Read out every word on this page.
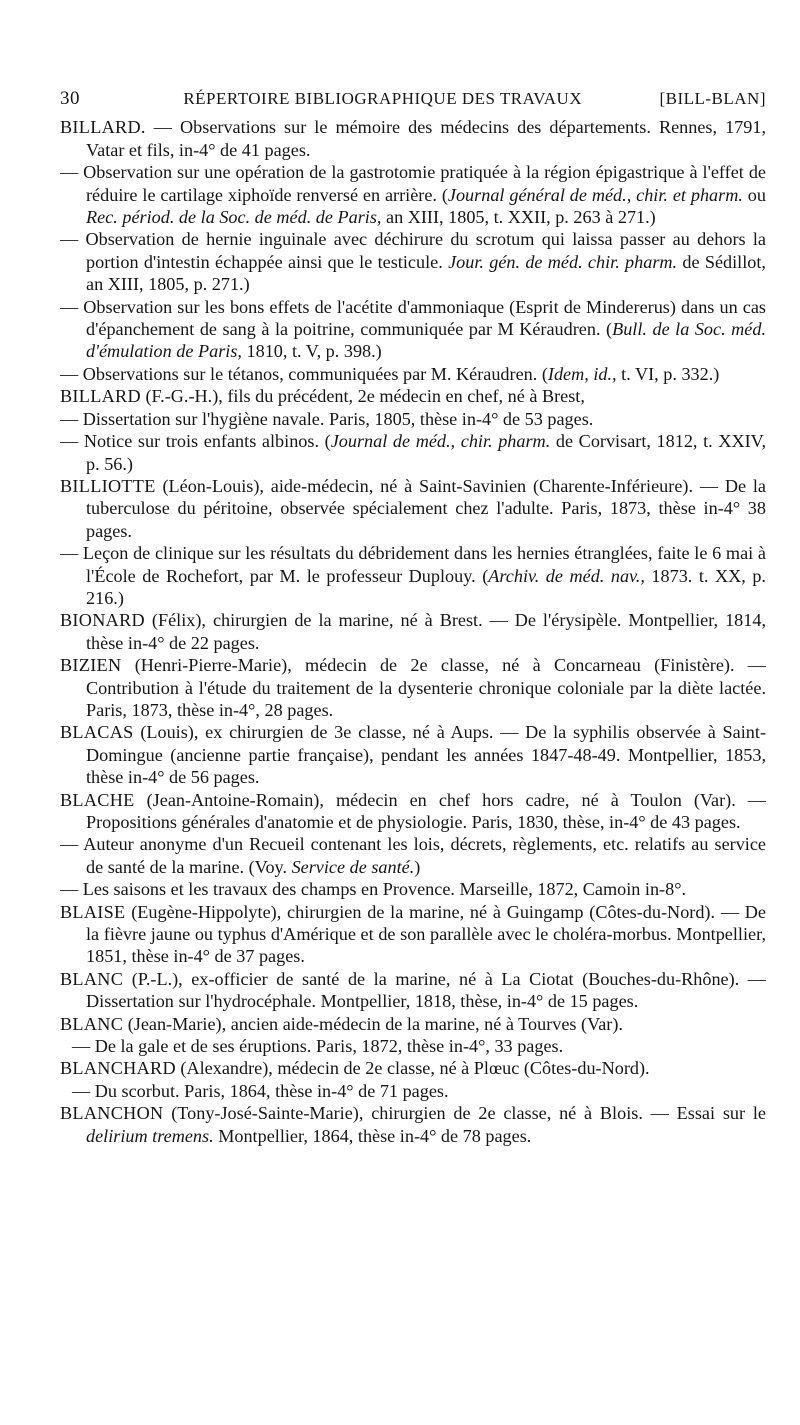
30	RÉPERTOIRE BIBLIOGRAPHIQUE DES TRAVAUX	[BILL-BLAN]

BILLARD. — Observations sur le mémoire des médecins des départements. Rennes, 1791, Vatar et fils, in-4° de 41 pages.

— Observation sur une opération de la gastrotomie pratiquée à la région épigastrique à l'effet de réduire le cartilage xiphoïde renversé en arrière. (Journal général de méd., chir. et pharm. ou Rec. périod. de la Soc. de méd. de Paris, an XIII, 1805, t. XXII, p. 263 à 271.)

— Observation de hernie inguinale avec déchirure du scrotum qui laissa passer au dehors la portion d'intestin échappée ainsi que le testicule. Jour. gén. de méd. chir. pharm. de Sédillot, an XIII, 1805, p. 271.)

— Observation sur les bons effets de l'acétite d'ammoniaque (Esprit de Mindererus) dans un cas d'épanchement de sang à la poitrine, communiquée par M Kéraudren. (Bull. de la Soc. méd. d'émulation de Paris, 1810, t. V, p. 398.)

— Observations sur le tétanos, communiquées par M. Kéraudren. (Idem, id., t. VI, p. 332.)

BILLARD (F.-G.-H.), fils du précédent, 2e médecin en chef, né à Brest,

— Dissertation sur l'hygiène navale. Paris, 1805, thèse in-4° de 53 pages.

— Notice sur trois enfants albinos. (Journal de méd., chir. pharm. de Corvisart, 1812, t. XXIV, p. 56.)

BILLIOTTE (Léon-Louis), aide-médecin, né à Saint-Savinien (Charente-Inférieure). — De la tuberculose du péritoine, observée spécialement chez l'adulte. Paris, 1873, thèse in-4° 38 pages.

— Leçon de clinique sur les résultats du débridement dans les hernies étranglées, faite le 6 mai à l'École de Rochefort, par M. le professeur Duplouy. (Archiv. de méd. nav., 1873. t. XX, p. 216.)

BIONARD (Félix), chirurgien de la marine, né à Brest. — De l'érysipèle. Montpellier, 1814, thèse in-4° de 22 pages.

BIZIEN (Henri-Pierre-Marie), médecin de 2e classe, né à Concarneau (Finistère). — Contribution à l'étude du traitement de la dysenterie chronique coloniale par la diète lactée. Paris, 1873, thèse in-4°, 28 pages.

BLACAS (Louis), ex chirurgien de 3e classe, né à Aups. — De la syphilis observée à Saint-Domingue (ancienne partie française), pendant les années 1847-48-49. Montpellier, 1853, thèse in-4° de 56 pages.

BLACHE (Jean-Antoine-Romain), médecin en chef hors cadre, né à Toulon (Var). — Propositions générales d'anatomie et de physiologie. Paris, 1830, thèse, in-4° de 43 pages.

— Auteur anonyme d'un Recueil contenant les lois, décrets, règlements, etc. relatifs au service de santé de la marine. (Voy. Service de santé.)

— Les saisons et les travaux des champs en Provence. Marseille, 1872, Camoin in-8°.

BLAISE (Eugène-Hippolyte), chirurgien de la marine, né à Guingamp (Côtes-du-Nord). — De la fièvre jaune ou typhus d'Amérique et de son parallèle avec le choléra-morbus. Montpellier, 1851, thèse in-4° de 37 pages.

BLANC (P.-L.), ex-officier de santé de la marine, né à La Ciotat (Bouches-du-Rhône). — Dissertation sur l'hydrocéphale. Montpellier, 1818, thèse, in-4° de 15 pages.

BLANC (Jean-Marie), ancien aide-médecin de la marine, né à Tourves (Var).

— De la gale et de ses éruptions. Paris, 1872, thèse in-4°, 33 pages.

BLANCHARD (Alexandre), médecin de 2e classe, né à Plœuc (Côtes-du-Nord).

— Du scorbut. Paris, 1864, thèse in-4° de 71 pages.

BLANCHON (Tony-José-Sainte-Marie), chirurgien de 2e classe, né à Blois. — Essai sur le delirium tremens. Montpellier, 1864, thèse in-4° de 78 pages.
